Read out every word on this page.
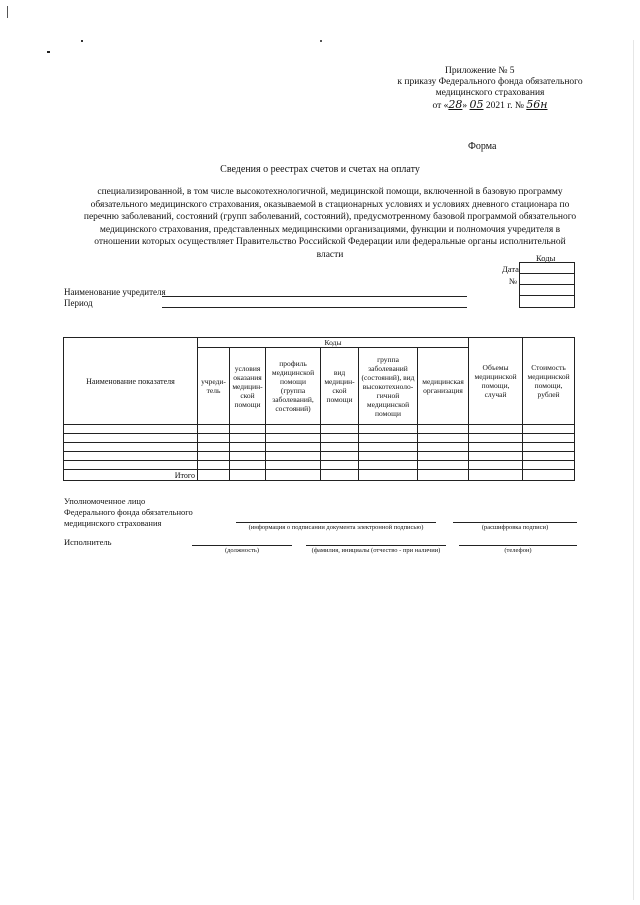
Приложение № 5
к приказу Федерального фонда обязательного
медицинского страхования
от «28» 05 2021 г. № 56н
Форма
Сведения о реестрах счетов и счетах на оплату
специализированной, в том числе высокотехнологичной, медицинской помощи, включенной в базовую программу обязательного медицинского страхования, оказываемой в стационарных условиях и условиях дневного стационара по перечню заболеваний, состояний (групп заболеваний, состояний), предусмотренному базовой программой обязательного медицинского страхования, представленных медицинскими организациями, функции и полномочия учредителя в отношении которых осуществляет Правительство Российской Федерации или федеральные органы исполнительной власти	Коды
Дата
№
Наименование учредителя
Период
Наименование показателя	Коды						Объемы медицинской помощи, случай	Стоимость медицинской помощи, рублей
	учреди-тель	условия оказания медицин-ской помощи	профиль медицинской помощи (группа заболеваний, состояний)	вид медицин-ской помощи	группа заболеваний (состояний), вид высокотехноло-гичной медицинской помощи	медицинская организация		

Итого								
Уполномоченное лицо
Федерального фонда обязательного
медицинского страхования	(информация о подписании документа электронной подписью)	(расшифровка подписи)
Исполнитель
(должность)	(фамилия, инициалы (отчество - при наличии)	(телефон)
